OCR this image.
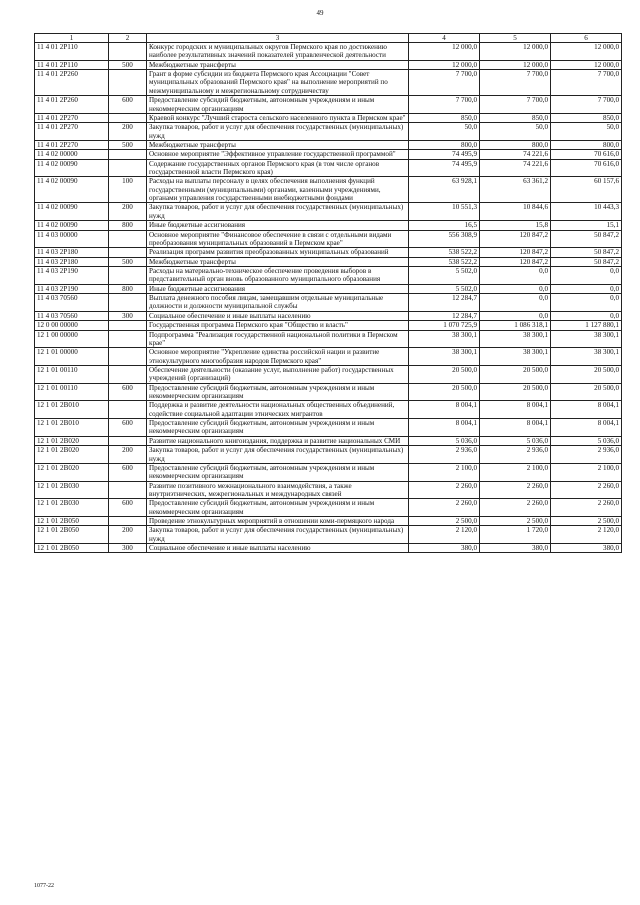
49
1	2	3	4	5	6
11 4 01 2Р110		Конкурс городских и муниципальных округов Пермского края по достижению наиболее результативных значений показателей управленческой деятельности	12 000,0	12 000,0	12 000,0
11 4 01 2Р110	500	Межбюджетные трансферты	12 000,0	12 000,0	12 000,0
11 4 01 2Р260		Грант в форме субсидии из бюджета Пермского края Ассоциации "Совет муниципальных образований Пермского края" на выполнение мероприятий по межмуниципальному и межрегиональному сотрудничеству	7 700,0	7 700,0	7 700,0
11 4 01 2Р260	600	Предоставление субсидий бюджетным, автономным учреждениям и иным некоммерческим организациям	7 700,0	7 700,0	7 700,0
11 4 01 2Р270		Краевой конкурс "Лучший староста сельского населенного пункта в Пермском крае"	850,0	850,0	850,0
11 4 01 2Р270	200	Закупка товаров, работ и услуг для обеспечения государственных (муниципальных) нужд	50,0	50,0	50,0
11 4 01 2Р270	500	Межбюджетные трансферты	800,0	800,0	800,0
11 4 02 00000		Основное мероприятие "Эффективное управление государственной программой"	74 495,9	74 221,6	70 616,0
11 4 02 00090		Содержание государственных органов Пермского края (в том числе органов государственной власти Пермского края)	74 495,9	74 221,6	70 616,0
11 4 02 00090	100	Расходы на выплаты персоналу в целях обеспечения выполнения функций государственными (муниципальными) органами, казенными учреждениями, органами управления государственными внебюджетными фондами	63 928,1	63 361,2	60 157,6
11 4 02 00090	200	Закупка товаров, работ и услуг для обеспечения государственных (муниципальных) нужд	10 551,3	10 844,6	10 443,3
11 4 02 00090	800	Иные бюджетные ассигнования	16,5	15,8	15,1
11 4 03 00000		Основное мероприятие "Финансовое обеспечение в связи с отдельными видами преобразования муниципальных образований в Пермском крае"	556 308,9	120 847,2	50 847,2
11 4 03 2Р180		Реализация программ развития преобразованных муниципальных образований	538 522,2	120 847,2	50 847,2
11 4 03 2Р180	500	Межбюджетные трансферты	538 522,2	120 847,2	50 847,2
11 4 03 2Р190		Расходы на материально-техническое обеспечение проведения выборов в представительный орган вновь образованного муниципального образования	5 502,0	0,0	0,0
11 4 03 2Р190	800	Иные бюджетные ассигнования	5 502,0	0,0	0,0
11 4 03 70560		Выплата денежного пособия лицам, замещавшим отдельные муниципальные должности и должности муниципальной службы	12 284,7	0,0	0,0
11 4 03 70560	300	Социальное обеспечение и иные выплаты населению	12 284,7	0,0	0,0
12 0 00 00000		Государственная программа Пермского края "Общество и власть"	1 070 725,9	1 086 318,1	1 127 880,1
12 1 00 00000		Подпрограмма "Реализация государственной национальной политики в Пермском крае"	38 300,1	38 300,1	38 300,1
12 1 01 00000		Основное мероприятие "Укрепление единства российской нации и развитие этнокультурного многообразия народов Пермского края"	38 300,1	38 300,1	38 300,1
12 1 01 00110		Обеспечение деятельности (оказание услуг, выполнение работ) государственных учреждений (организаций)	20 500,0	20 500,0	20 500,0
12 1 01 00110	600	Предоставление субсидий бюджетным, автономным учреждениям и иным некоммерческим организациям	20 500,0	20 500,0	20 500,0
12 1 01 2В010		Поддержка и развитие деятельности национальных общественных объединений, содействие социальной адаптации этнических мигрантов	8 004,1	8 004,1	8 004,1
12 1 01 2В010	600	Предоставление субсидий бюджетным, автономным учреждениям и иным некоммерческим организациям	8 004,1	8 004,1	8 004,1
12 1 01 2В020		Развитие национального книгоиздания, поддержка и развитие национальных СМИ	5 036,0	5 036,0	5 036,0
12 1 01 2В020	200	Закупка товаров, работ и услуг для обеспечения государственных (муниципальных) нужд	2 936,0	2 936,0	2 936,0
12 1 01 2В020	600	Предоставление субсидий бюджетным, автономным учреждениям и иным некоммерческим организациям	2 100,0	2 100,0	2 100,0
12 1 01 2В030		Развитие позитивного межнационального взаимодействия, а также внутриэтнических, межрегиональных и международных связей	2 260,0	2 260,0	2 260,0
12 1 01 2В030	600	Предоставление субсидий бюджетным, автономным учреждениям и иным некоммерческим организациям	2 260,0	2 260,0	2 260,0
12 1 01 2В050		Проведение этнокультурных мероприятий в отношении коми-пермяцкого народа	2 500,0	2 500,0	2 500,0
12 1 01 2В050	200	Закупка товаров, работ и услуг для обеспечения государственных (муниципальных) нужд	2 120,0	1 720,0	2 120,0
12 1 01 2В050	300	Социальное обеспечение и иные выплаты населению	380,0	380,0	380,0
1077-22
